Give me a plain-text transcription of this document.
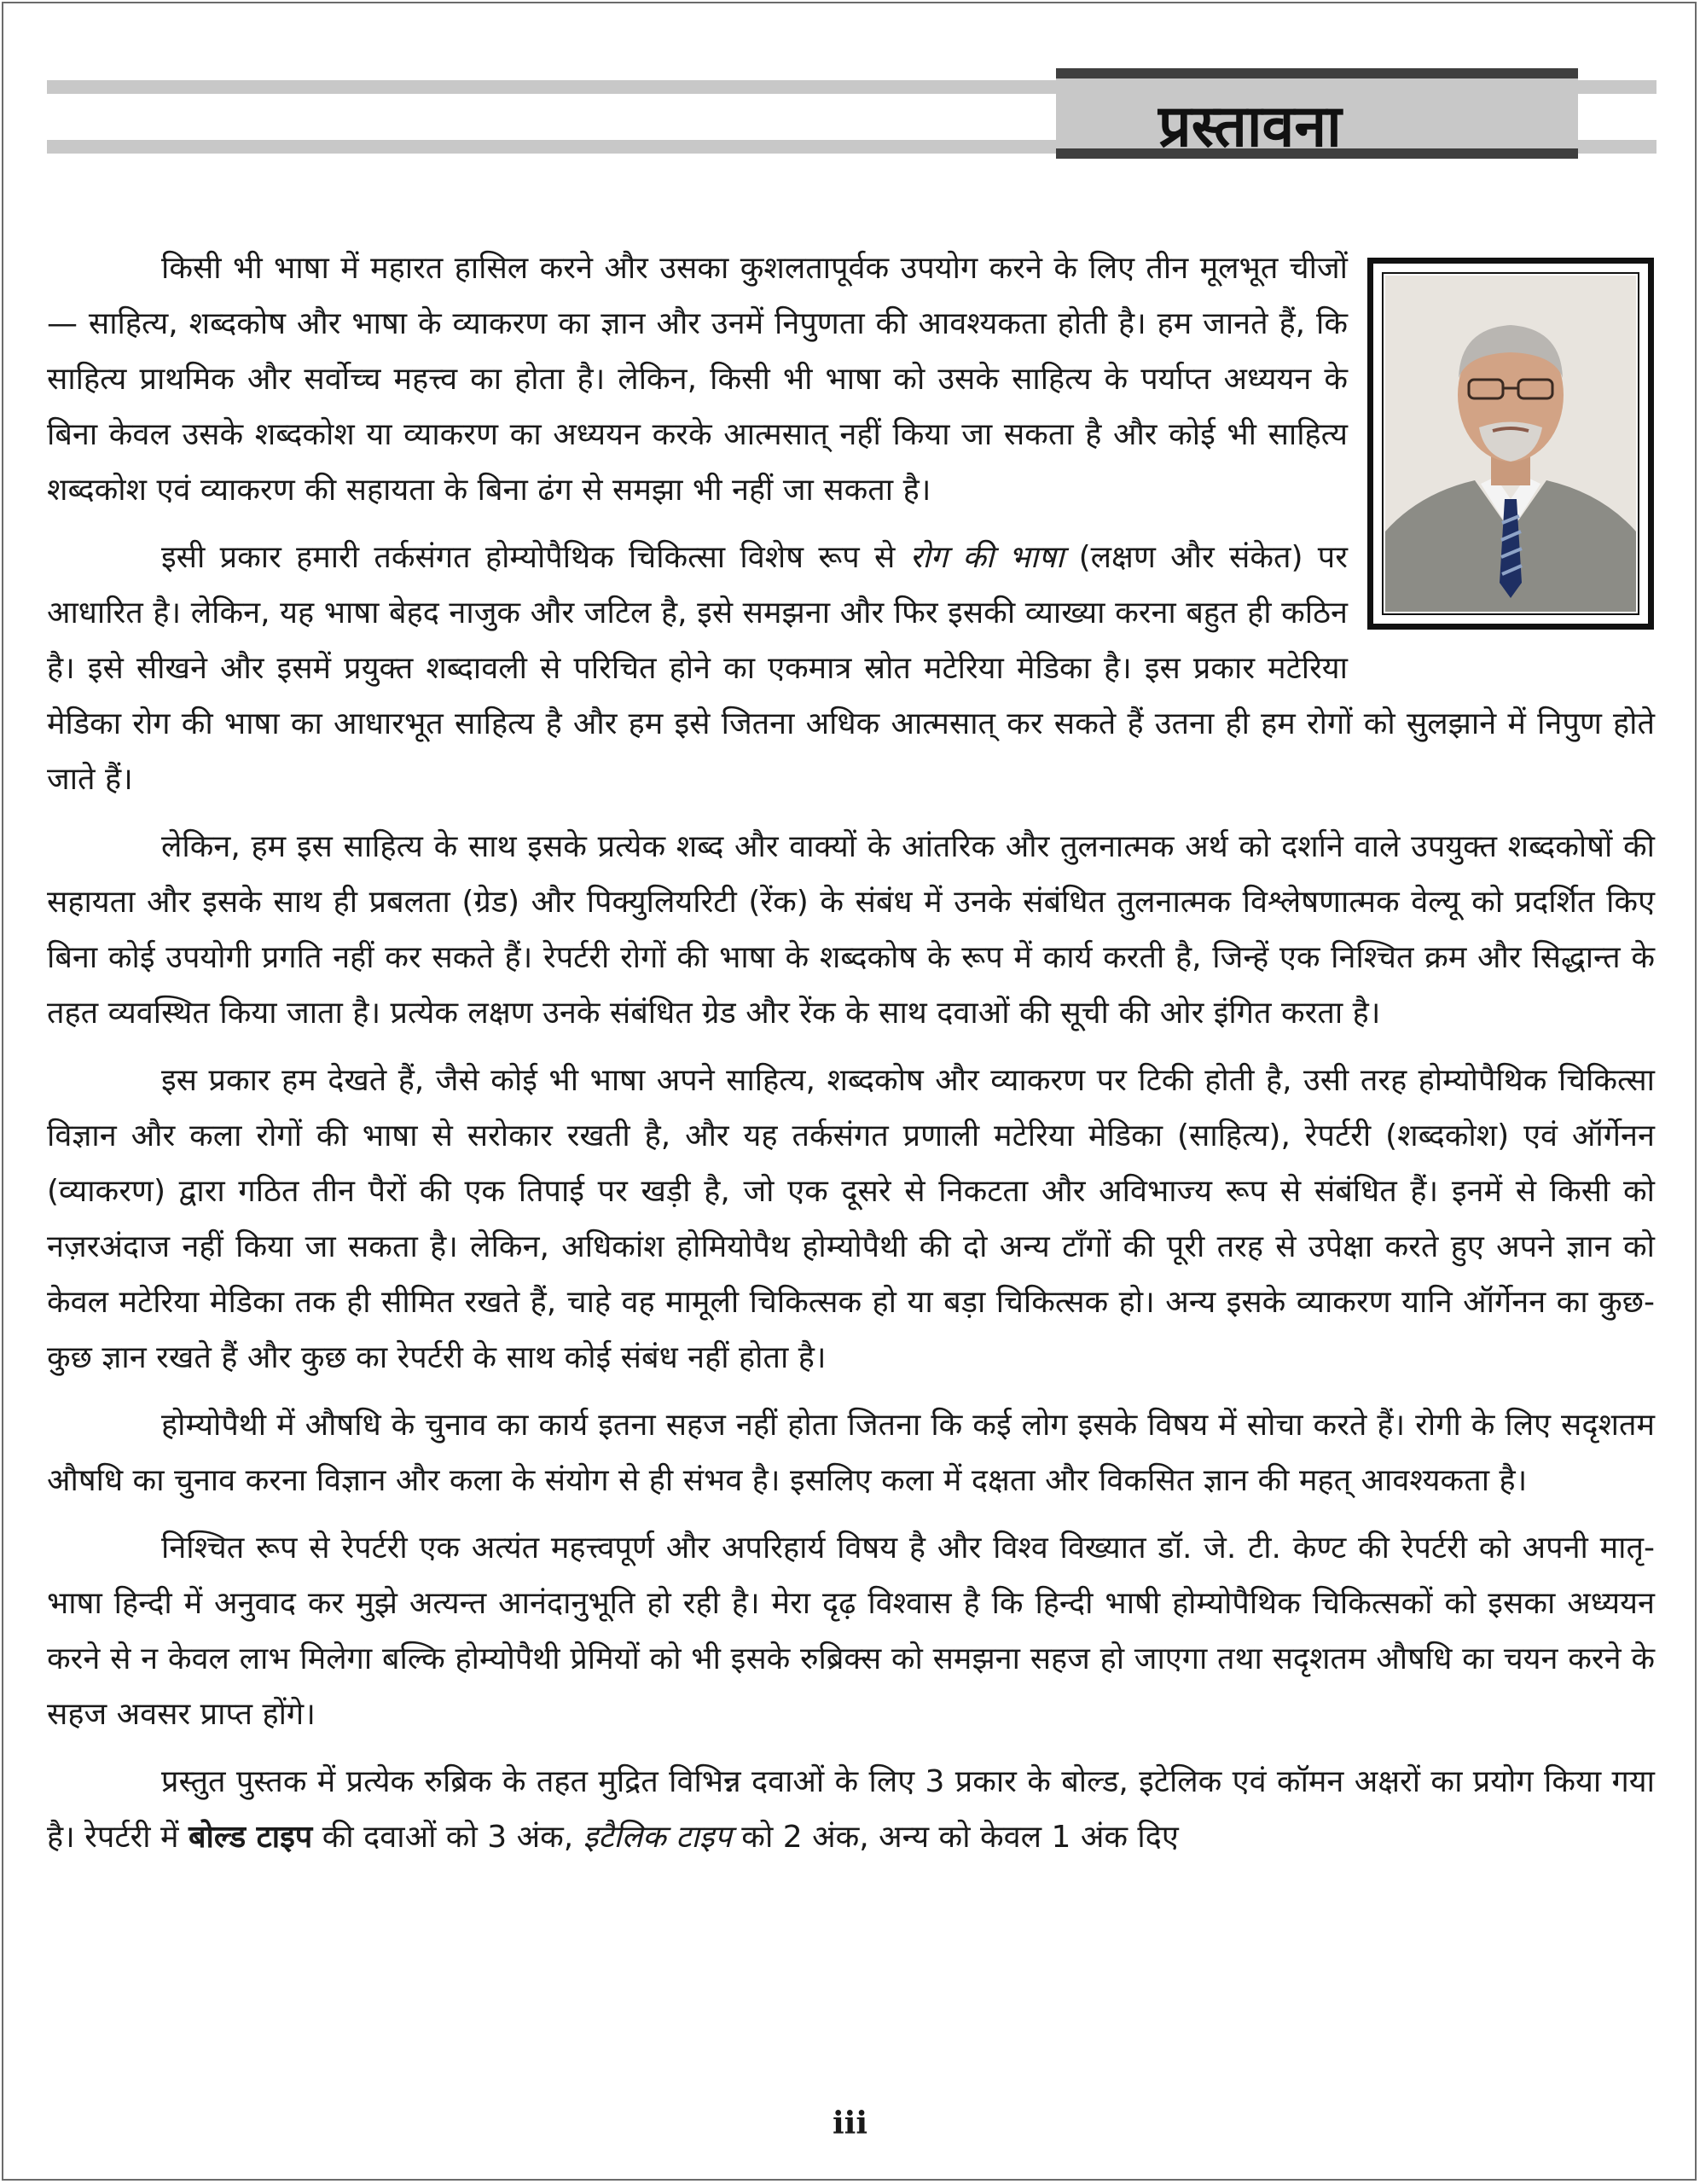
प्रस्तावना

किसी भी भाषा में महारत हासिल करने और उसका कुशलतापूर्वक उपयोग करने के लिए तीन मूलभूत चीजों — साहित्य, शब्दकोष और भाषा के व्याकरण का ज्ञान और उनमें निपुणता की आवश्यकता होती है। हम जानते हैं, कि साहित्य प्राथमिक और सर्वोच्च महत्त्व का होता है। लेकिन, किसी भी भाषा को उसके साहित्य के पर्याप्त अध्ययन के बिना केवल उसके शब्दकोश या व्याकरण का अध्ययन करके आत्मसात् नहीं किया जा सकता है और कोई भी साहित्य शब्दकोश एवं व्याकरण की सहायता के बिना ढंग से समझा भी नहीं जा सकता है।

इसी प्रकार हमारी तर्कसंगत होम्योपैथिक चिकित्सा विशेष रूप से रोग की भाषा (लक्षण और संकेत) पर आधारित है। लेकिन, यह भाषा बेहद नाजुक और जटिल है, इसे समझना और फिर इसकी व्याख्या करना बहुत ही कठिन है। इसे सीखने और इसमें प्रयुक्त शब्दावली से परिचित होने का एकमात्र स्रोत मटेरिया मेडिका है। इस प्रकार मटेरिया मेडिका रोग की भाषा का आधारभूत साहित्य है और हम इसे जितना अधिक आत्मसात् कर सकते हैं उतना ही हम रोगों को सुलझाने में निपुण होते जाते हैं।

लेकिन, हम इस साहित्य के साथ इसके प्रत्येक शब्द और वाक्यों के आंतरिक और तुलनात्मक अर्थ को दर्शाने वाले उपयुक्त शब्दकोषों की सहायता और इसके साथ ही प्रबलता (ग्रेड) और पिक्युलियरिटी (रेंक) के संबंध में उनके संबंधित तुलनात्मक विश्लेषणात्मक वेल्यू को प्रदर्शित किए बिना कोई उपयोगी प्रगति नहीं कर सकते हैं। रेपर्टरी रोगों की भाषा के शब्दकोष के रूप में कार्य करती है, जिन्हें एक निश्चित क्रम और सिद्धान्त के तहत व्यवस्थित किया जाता है। प्रत्येक लक्षण उनके संबंधित ग्रेड और रेंक के साथ दवाओं की सूची की ओर इंगित करता है।

इस प्रकार हम देखते हैं, जैसे कोई भी भाषा अपने साहित्य, शब्दकोष और व्याकरण पर टिकी होती है, उसी तरह होम्योपैथिक चिकित्सा विज्ञान और कला रोगों की भाषा से सरोकार रखती है, और यह तर्कसंगत प्रणाली मटेरिया मेडिका (साहित्य), रेपर्टरी (शब्दकोश) एवं ऑर्गेनन (व्याकरण) द्वारा गठित तीन पैरों की एक तिपाई पर खड़ी है, जो एक दूसरे से निकटता और अविभाज्य रूप से संबंधित हैं। इनमें से किसी को नज़रअंदाज नहीं किया जा सकता है। लेकिन, अधिकांश होमियोपैथ होम्योपैथी की दो अन्य टाँगों की पूरी तरह से उपेक्षा करते हुए अपने ज्ञान को केवल मटेरिया मेडिका तक ही सीमित रखते हैं, चाहे वह मामूली चिकित्सक हो या बड़ा चिकित्सक हो। अन्य इसके व्याकरण यानि ऑर्गेनन का कुछ-कुछ ज्ञान रखते हैं और कुछ का रेपर्टरी के साथ कोई संबंध नहीं होता है।

होम्योपैथी में औषधि के चुनाव का कार्य इतना सहज नहीं होता जितना कि कई लोग इसके विषय में सोचा करते हैं। रोगी के लिए सदृशतम औषधि का चुनाव करना विज्ञान और कला के संयोग से ही संभव है। इसलिए कला में दक्षता और विकसित ज्ञान की महत् आवश्यकता है।

निश्चित रूप से रेपर्टरी एक अत्यंत महत्त्वपूर्ण और अपरिहार्य विषय है और विश्व विख्यात डॉ. जे. टी. केण्ट की रेपर्टरी को अपनी मातृ-भाषा हिन्दी में अनुवाद कर मुझे अत्यन्त आनंदानुभूति हो रही है। मेरा दृढ़ विश्वास है कि हिन्दी भाषी होम्योपैथिक चिकित्सकों को इसका अध्ययन करने से न केवल लाभ मिलेगा बल्कि होम्योपैथी प्रेमियों को भी इसके रुब्रिक्स को समझना सहज हो जाएगा तथा सदृशतम औषधि का चयन करने के सहज अवसर प्राप्त होंगे।

प्रस्तुत पुस्तक में प्रत्येक रुब्रिक के तहत मुद्रित विभिन्न दवाओं के लिए 3 प्रकार के बोल्ड, इटेलिक एवं कॉमन अक्षरों का प्रयोग किया गया है। रेपर्टरी में बोल्ड टाइप की दवाओं को 3 अंक, इटैलिक टाइप को 2 अंक, अन्य को केवल 1 अंक दिए

iii
